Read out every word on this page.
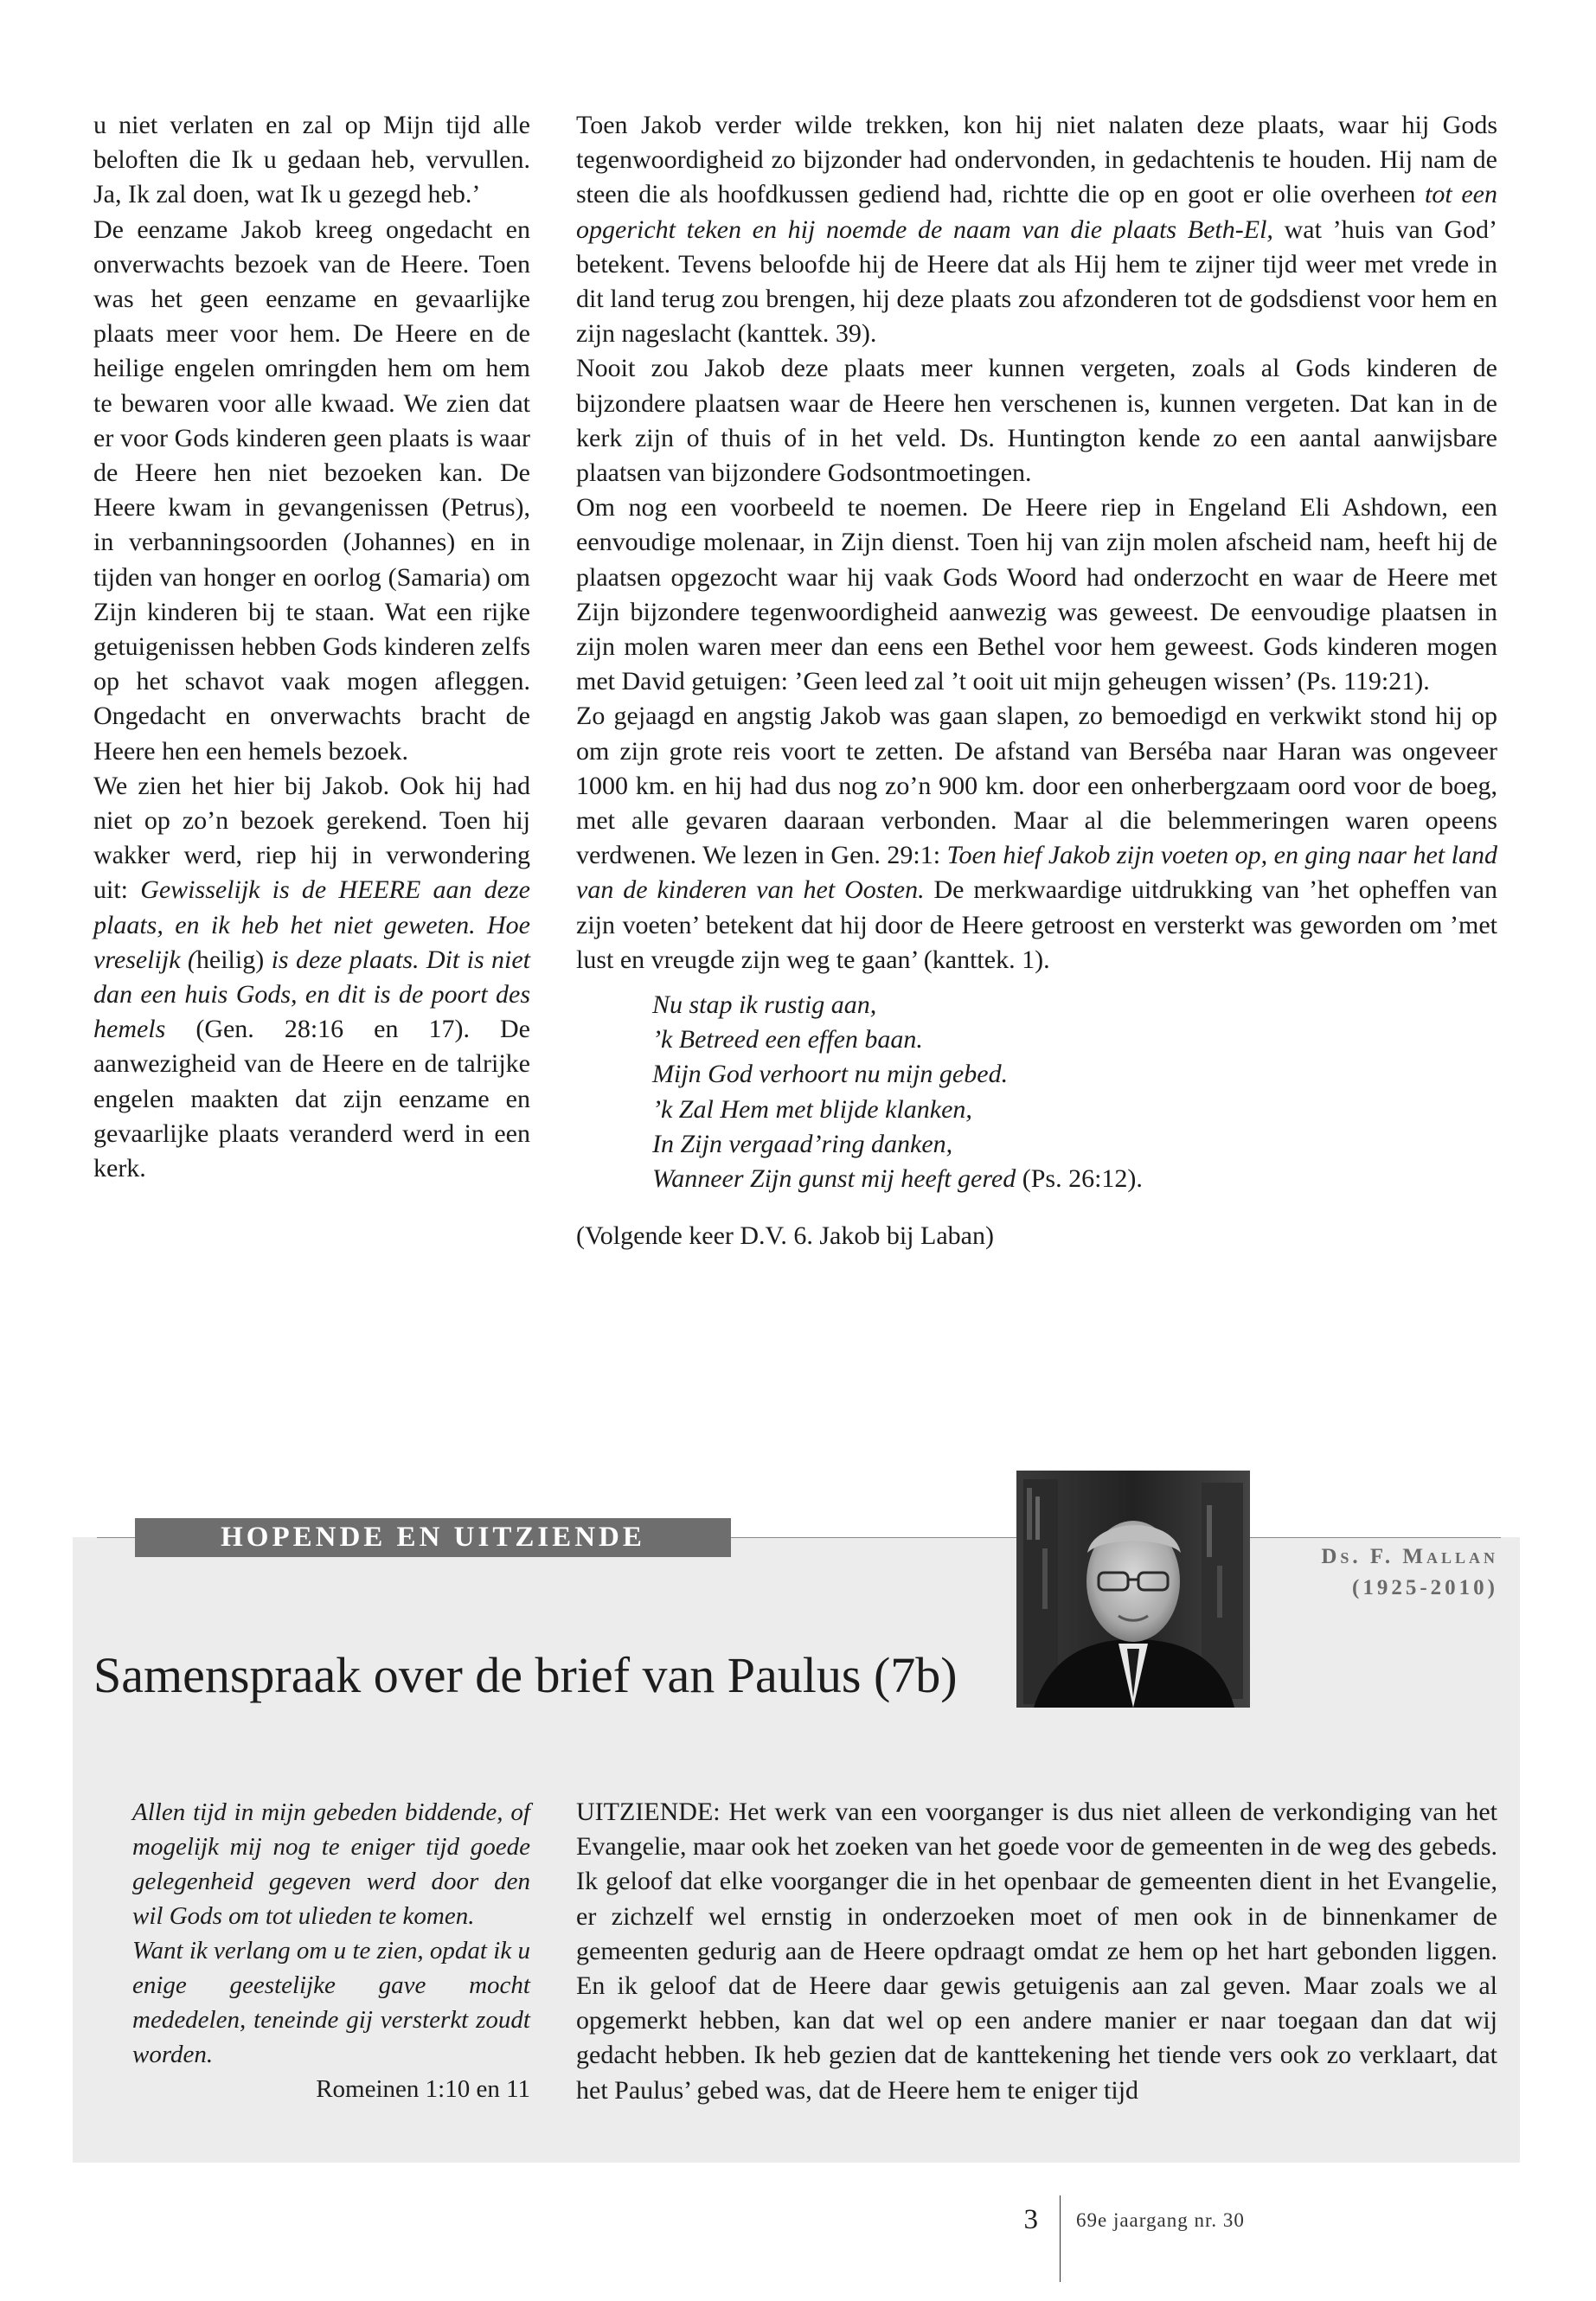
u niet verlaten en zal op Mijn tijd alle beloften die Ik u gedaan heb, vervullen. Ja, Ik zal doen, wat Ik u gezegd heb.’

De eenzame Jakob kreeg ongedacht en onverwachts bezoek van de Heere. Toen was het geen eenzame en gevaarlijke plaats meer voor hem. De Heere en de heilige engelen omringden hem om hem te bewaren voor alle kwaad. We zien dat er voor Gods kinderen geen plaats is waar de Heere hen niet bezoeken kan. De Heere kwam in gevangenissen (Petrus), in verbanningsoorden (Johannes) en in tijden van honger en oorlog (Samaria) om Zijn kinderen bij te staan. Wat een rijke getuigenissen hebben Gods kinderen zelfs op het schavot vaak mogen afleggen. Ongedacht en onverwachts bracht de Heere hen een hemels bezoek.

We zien het hier bij Jakob. Ook hij had niet op zo’n bezoek gerekend. Toen hij wakker werd, riep hij in verwondering uit: Gewisselijk is de HEERE aan deze plaats, en ik heb het niet geweten. Hoe vreselijk (heilig) is deze plaats. Dit is niet dan een huis Gods, en dit is de poort des hemels (Gen. 28:16 en 17). De aanwezigheid van de Heere en de talrijke engelen maakten dat zijn eenzame en gevaarlijke plaats veranderd werd in een kerk.

Toen Jakob verder wilde trekken, kon hij niet nalaten deze plaats, waar hij Gods tegenwoordigheid zo bijzonder had ondervonden, in gedachtenis te houden. Hij nam de steen die als hoofdkussen gediend had, richtte die op en goot er olie overheen tot een opgericht teken en hij noemde de naam van die plaats Beth-El, wat ’huis van God’ betekent. Tevens beloofde hij de Heere dat als Hij hem te zijner tijd weer met vrede in dit land terug zou brengen, hij deze plaats zou afzonderen tot de godsdienst voor hem en zijn nageslacht (kanttek. 39).

Nooit zou Jakob deze plaats meer kunnen vergeten, zoals al Gods kinderen de bijzondere plaatsen waar de Heere hen verschenen is, kunnen vergeten. Dat kan in de kerk zijn of thuis of in het veld. Ds. Huntington kende zo een aantal aanwijsbare plaatsen van bijzondere Godsontmoetingen.

Om nog een voorbeeld te noemen. De Heere riep in Engeland Eli Ashdown, een eenvoudige molenaar, in Zijn dienst. Toen hij van zijn molen afscheid nam, heeft hij de plaatsen opgezocht waar hij vaak Gods Woord had onderzocht en waar de Heere met Zijn bijzondere tegenwoordigheid aanwezig was geweest. De eenvoudige plaatsen in zijn molen waren meer dan eens een Bethel voor hem geweest. Gods kinderen mogen met David getuigen: ’Geen leed zal ’t ooit uit mijn geheugen wissen’ (Ps. 119:21).

Zo gejaagd en angstig Jakob was gaan slapen, zo bemoedigd en verkwikt stond hij op om zijn grote reis voort te zetten. De afstand van Berséba naar Haran was ongeveer 1000 km. en hij had dus nog zo’n 900 km. door een onherbergzaam oord voor de boeg, met alle gevaren daaraan verbonden. Maar al die belemmeringen waren opeens verdwenen. We lezen in Gen. 29:1: Toen hief Jakob zijn voeten op, en ging naar het land van de kinderen van het Oosten. De merkwaardige uitdrukking van ’het opheffen van zijn voeten’ betekent dat hij door de Heere getroost en versterkt was geworden om ’met lust en vreugde zijn weg te gaan’ (kanttek. 1).

Nu stap ik rustig aan,
’k Betreed een effen baan.
Mijn God verhoort nu mijn gebed.
’k Zal Hem met blijde klanken,
In Zijn vergaad’ring danken,
Wanneer Zijn gunst mij heeft gered (Ps. 26:12).

(Volgende keer D.V. 6. Jakob bij Laban)

HOPENDE EN UITZIENDE
Ds. F. Mallan
(1925-2010)
Samenspraak over de brief van Paulus (7b)

Allen tijd in mijn gebeden biddende, of mogelijk mij nog te eniger tijd goede gelegenheid gegeven werd door den wil Gods om tot ulieden te komen.

Want ik verlang om u te zien, opdat ik u enige geestelijke gave mocht mededelen, teneinde gij versterkt zoudt worden.

Romeinen 1:10 en 11

UITZIENDE: Het werk van een voorganger is dus niet alleen de verkondiging van het Evangelie, maar ook het zoeken van het goede voor de gemeenten in de weg des gebeds. Ik geloof dat elke voorganger die in het openbaar de gemeenten dient in het Evangelie, er zichzelf wel ernstig in onderzoeken moet of men ook in de binnenkamer de gemeenten gedurig aan de Heere opdraagt omdat ze hem op het hart gebonden liggen. En ik geloof dat de Heere daar gewis getuigenis aan zal geven. Maar zoals we al opgemerkt hebben, kan dat wel op een andere manier er naar toegaan dan dat wij gedacht hebben. Ik heb gezien dat de kanttekening het tiende vers ook zo verklaart, dat het Paulus’ gebed was, dat de Heere hem te eniger tijd

3 69e jaargang nr. 30
